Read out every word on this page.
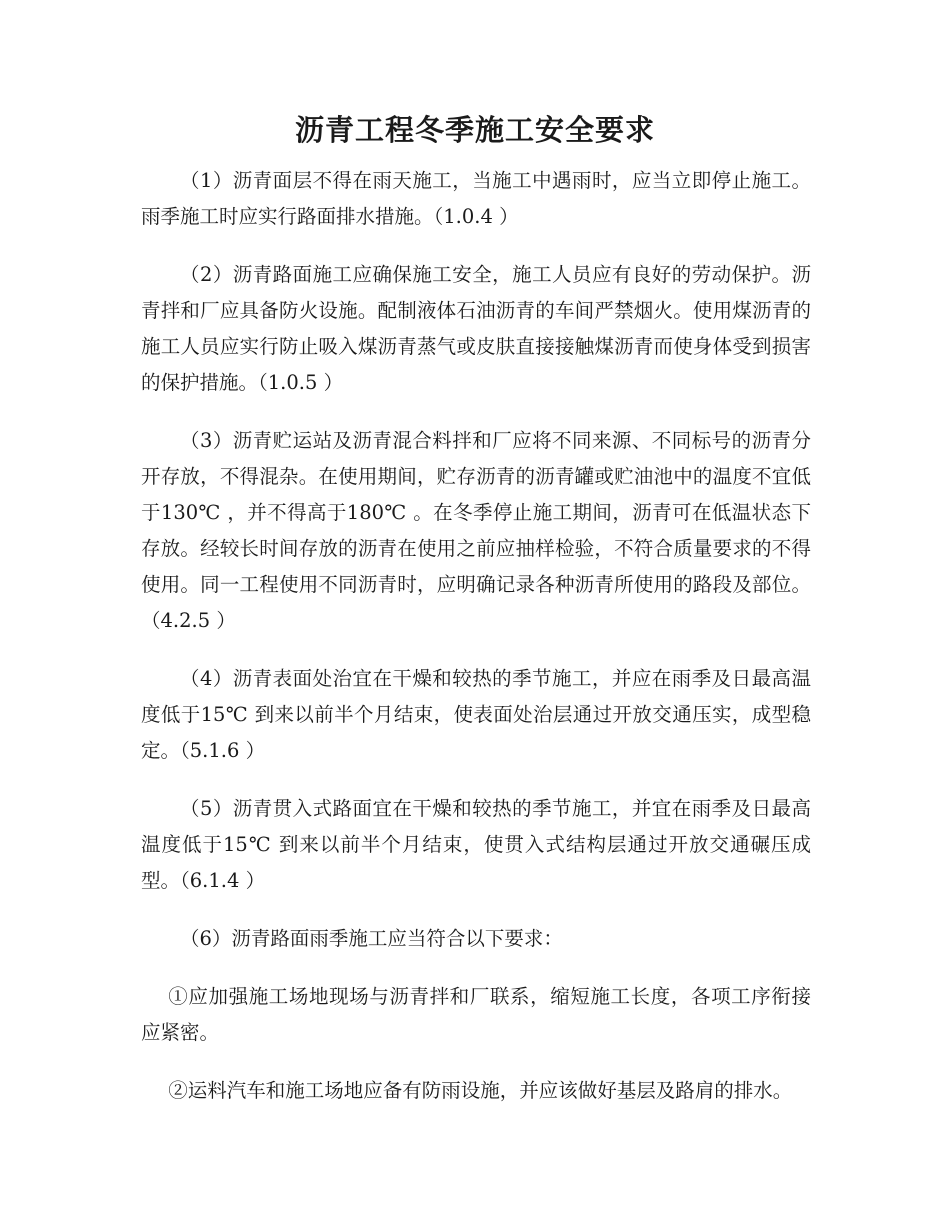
沥青工程冬季施工安全要求

（1）沥青面层不得在雨天施工，当施工中遇雨时，应当立即停止施工。雨季施工时应实行路面排水措施。（1.0.4 ）

（2）沥青路面施工应确保施工安全，施工人员应有良好的劳动保护。沥青拌和厂应具备防火设施。配制液体石油沥青的车间严禁烟火。使用煤沥青的施工人员应实行防止吸入煤沥青蒸气或皮肤直接接触煤沥青而使身体受到损害的保护措施。（1.0.5 ）

（3）沥青贮运站及沥青混合料拌和厂应将不同来源、不同标号的沥青分开存放，不得混杂。在使用期间，贮存沥青的沥青罐或贮油池中的温度不宜低于130℃ ，并不得高于180℃ 。在冬季停止施工期间，沥青可在低温状态下存放。经较长时间存放的沥青在使用之前应抽样检验，不符合质量要求的不得使用。同一工程使用不同沥青时，应明确记录各种沥青所使用的路段及部位。（4.2.5 ）

（4）沥青表面处治宜在干燥和较热的季节施工，并应在雨季及日最高温度低于15℃ 到来以前半个月结束，使表面处治层通过开放交通压实，成型稳定。（5.1.6 ）

（5）沥青贯入式路面宜在干燥和较热的季节施工，并宜在雨季及日最高温度低于15℃ 到来以前半个月结束，使贯入式结构层通过开放交通碾压成型。（6.1.4 ）

（6）沥青路面雨季施工应当符合以下要求：

①应加强施工场地现场与沥青拌和厂联系，缩短施工长度，各项工序衔接应紧密。

②运料汽车和施工场地应备有防雨设施，并应该做好基层及路肩的排水。
